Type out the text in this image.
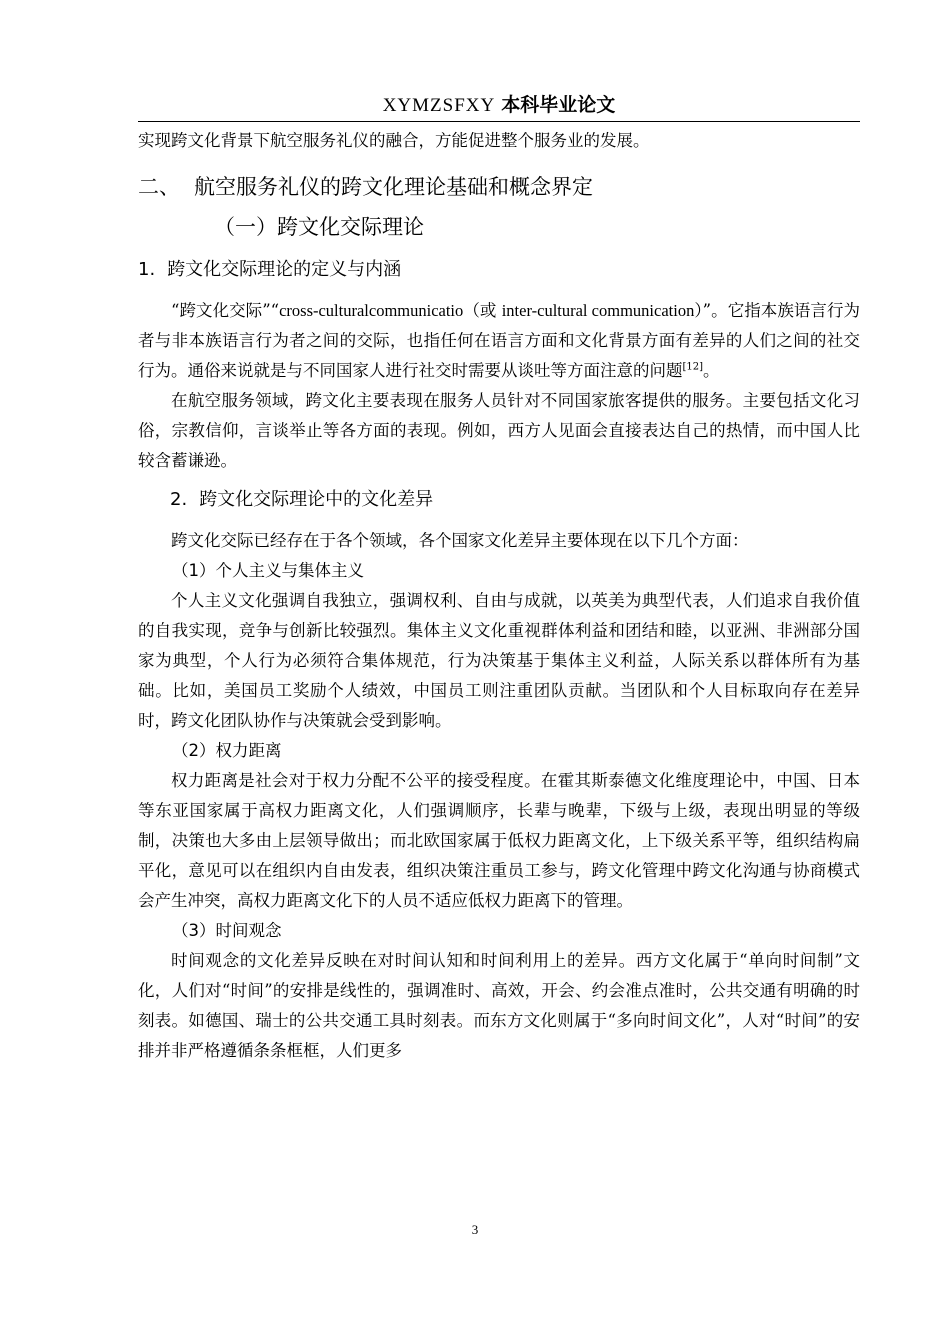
XYMZSFXY 本科毕业论文

实现跨文化背景下航空服务礼仪的融合，方能促进整个服务业的发展。

二、 航空服务礼仪的跨文化理论基础和概念界定
（一）跨文化交际理论
1. 跨文化交际理论的定义与内涵

“跨文化交际”“cross-culturalcommunicatio（或 inter-cultural communication）”。它指本族语言行为者与非本族语言行为者之间的交际，也指任何在语言方面和文化背景方面有差异的人们之间的社交行为。通俗来说就是与不同国家人进行社交时需要从谈吐等方面注意的问题[12]。

在航空服务领域，跨文化主要表现在服务人员针对不同国家旅客提供的服务。主要包括文化习俗，宗教信仰，言谈举止等各方面的表现。例如，西方人见面会直接表达自己的热情，而中国人比较含蓄谦逊。

2. 跨文化交际理论中的文化差异

跨文化交际已经存在于各个领域，各个国家文化差异主要体现在以下几个方面：

（1）个人主义与集体主义

个人主义文化强调自我独立，强调权利、自由与成就，以英美为典型代表，人们追求自我价值的自我实现，竞争与创新比较强烈。集体主义文化重视群体利益和团结和睦，以亚洲、非洲部分国家为典型，个人行为必须符合集体规范，行为决策基于集体主义利益，人际关系以群体所有为基础。比如，美国员工奖励个人绩效，中国员工则注重团队贡献。当团队和个人目标取向存在差异时，跨文化团队协作与决策就会受到影响。

（2）权力距离

权力距离是社会对于权力分配不公平的接受程度。在霍其斯泰德文化维度理论中，中国、日本等东亚国家属于高权力距离文化，人们强调顺序，长辈与晚辈，下级与上级，表现出明显的等级制，决策也大多由上层领导做出；而北欧国家属于低权力距离文化，上下级关系平等，组织结构扁平化，意见可以在组织内自由发表，组织决策注重员工参与，跨文化管理中跨文化沟通与协商模式会产生冲突，高权力距离文化下的人员不适应低权力距离下的管理。

（3）时间观念

时间观念的文化差异反映在对时间认知和时间利用上的差异。西方文化属于“单向时间制”文化，人们对“时间”的安排是线性的，强调准时、高效，开会、约会准点准时，公共交通有明确的时刻表。如德国、瑞士的公共交通工具时刻表。而东方文化则属于“多向时间文化”，人对“时间”的安排并非严格遵循条条框框，人们更多

3
